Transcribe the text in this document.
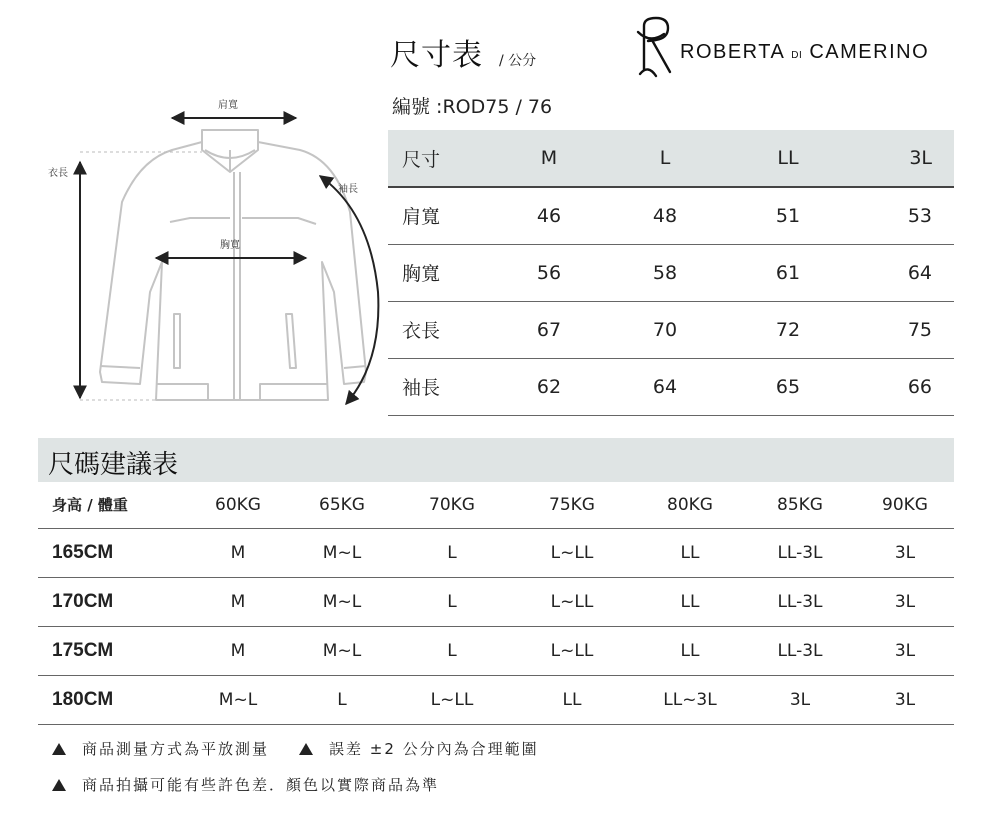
尺寸表 / 公分
編號 :ROD75 / 76
ROBERTA DI CAMERINO
肩寬
胸寬
衣長
袖長
尺寸	M	L	LL	3L
肩寬	46	48	51	53
胸寬	56	58	61	64
衣長	67	70	72	75
袖長	62	64	65	66
尺碼建議表
身高 / 體重	60KG	65KG	70KG	75KG	80KG	85KG	90KG
165CM	M	M~L	L	L~LL	LL	LL-3L	3L
170CM	M	M~L	L	L~LL	LL	LL-3L	3L
175CM	M	M~L	L	L~LL	LL	LL-3L	3L
180CM	M~L	L	L~LL	LL	LL~3L	3L	3L
商品測量方式為平放測量	誤差 ±2 公分內為合理範圍
商品拍攝可能有些許色差．顏色以實際商品為準
